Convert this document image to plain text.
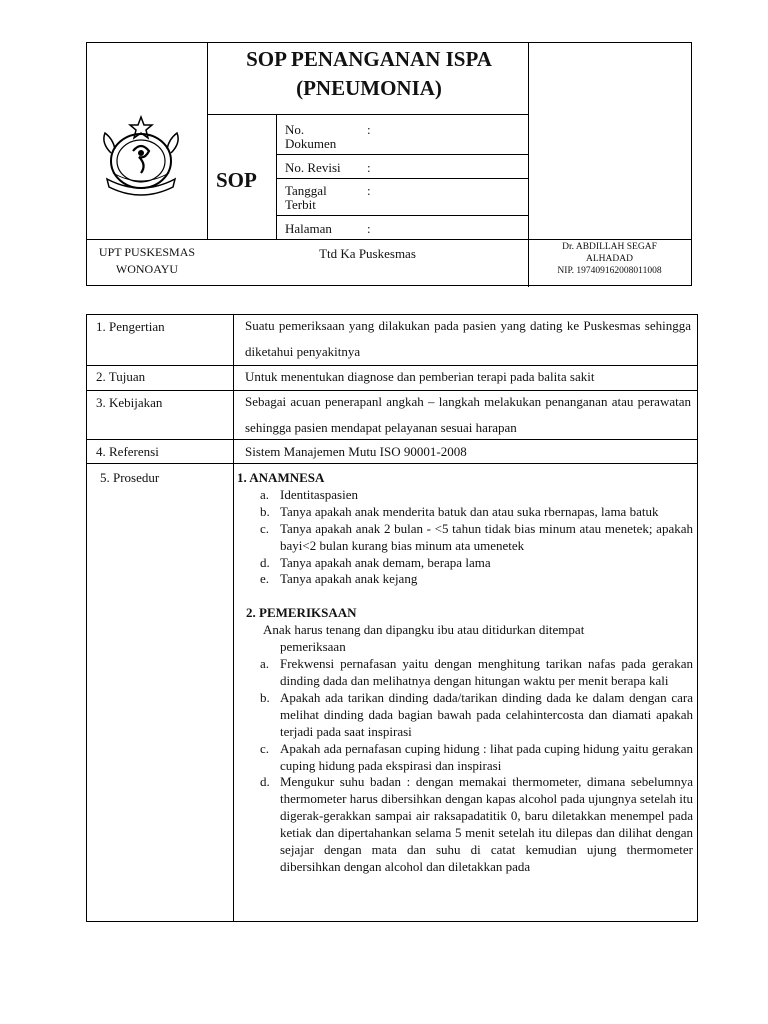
SOP PENANGANAN ISPA
(PNEUMONIA)
SOP
No. Dokumen
:
No. Revisi	:
Tanggal Terbit
:
Halaman	:
UPT PUSKESMAS
WONOAYU
Ttd Ka Puskesmas	Dr. ABDILLAH SEGAF
ALHADAD
NIP. 197409162008011008
1. Pengertian	Suatu pemeriksaan yang dilakukan pada pasien yang dating ke Puskesmas sehingga diketahui penyakitnya
2. Tujuan	Untuk menentukan diagnose dan pemberian terapi pada balita sakit
3. Kebijakan	Sebagai acuan penerapanl angkah – langkah melakukan penanganan atau perawatan sehingga pasien mendapat pelayanan sesuai harapan
4. Referensi	Sistem Manajemen Mutu ISO 90001-2008
5. Prosedur	1. ANAMNESA
a. Identitaspasien
b. Tanya apakah anak menderita batuk dan atau suka rbernapas, lama batuk
c. Tanya apakah anak 2 bulan - <5 tahun tidak bias minum atau menetek; apakah bayi<2 bulan kurang bias minum ata umenetek
d. Tanya apakah anak demam, berapa lama
e. Tanya apakah anak kejang
2. PEMERIKSAAN
Anak harus tenang dan dipangku ibu atau ditidurkan ditempat
pemeriksaan
a. Frekwensi pernafasan yaitu dengan menghitung tarikan nafas pada gerakan dinding dada dan melihatnya dengan hitungan waktu per menit berapa kali
b. Apakah ada tarikan dinding dada/tarikan dinding dada ke dalam dengan cara melihat dinding dada bagian bawah pada celahintercosta dan diamati apakah terjadi pada saat inspirasi
c. Apakah ada pernafasan cuping hidung : lihat pada cuping hidung yaitu gerakan cuping hidung pada ekspirasi dan inspirasi
d. Mengukur suhu badan : dengan memakai thermometer, dimana sebelumnya thermometer harus dibersihkan dengan kapas alcohol pada ujungnya setelah itu digerak-gerakkan sampai air raksapadatitik 0, baru diletakkan menempel pada ketiak dan dipertahankan selama 5 menit setelah itu dilepas dan dilihat dengan sejajar dengan mata dan suhu di catat kemudian ujung thermometer dibersihkan dengan alcohol dan diletakkan pada
